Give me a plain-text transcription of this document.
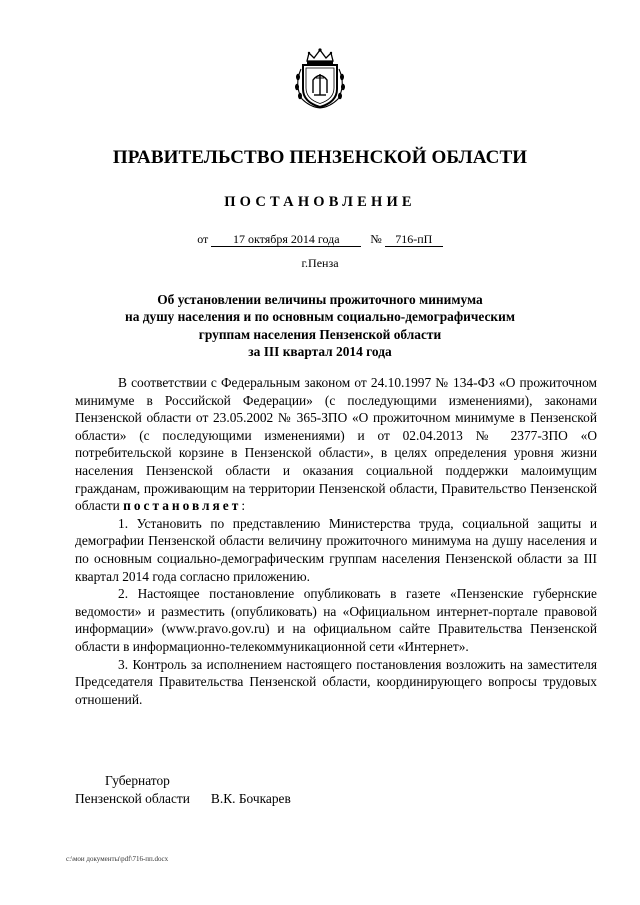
ПРАВИТЕЛЬСТВО ПЕНЗЕНСКОЙ ОБЛАСТИ
ПОСТАНОВЛЕНИЕ
от 17 октября 2014 года	№ 716-пП
г.Пенза
Об установлении величины прожиточного минимума
на душу населения и по основным социально-демографическим
группам населения Пензенской области
за III квартал 2014 года

В соответствии с Федеральным законом от 24.10.1997 № 134-ФЗ «О прожиточном минимуме в Российской Федерации» (с последующими изменениями), законами Пензенской области от 23.05.2002 № 365-ЗПО «О прожиточном минимуме в Пензенской области» (с последующими изменениями) и от 02.04.2013 № 2377-ЗПО «О потребительской корзине в Пензенской области», в целях определения уровня жизни населения Пензенской области и оказания социальной поддержки малоимущим гражданам, проживающим на территории Пензенской области, Правительство Пензенской области постановляет:

1. Установить по представлению Министерства труда, социальной защиты и демографии Пензенской области величину прожиточного минимума на душу населения и по основным социально-демографическим группам населения Пензенской области за III квартал 2014 года согласно приложению.

2. Настоящее постановление опубликовать в газете «Пензенские губернские ведомости» и разместить (опубликовать) на «Официальном интернет-портале правовой информации» (www.pravo.gov.ru) и на официальном сайте Правительства Пензенской области в информационно-телекоммуникационной сети «Интернет».

3. Контроль за исполнением настоящего постановления возложить на заместителя Председателя Правительства Пензенской области, координирующего вопросы трудовых отношений.

Губернатор
Пензенской области В.К. Бочкарев
c:\мои документы\pdf\716-пп.docx
